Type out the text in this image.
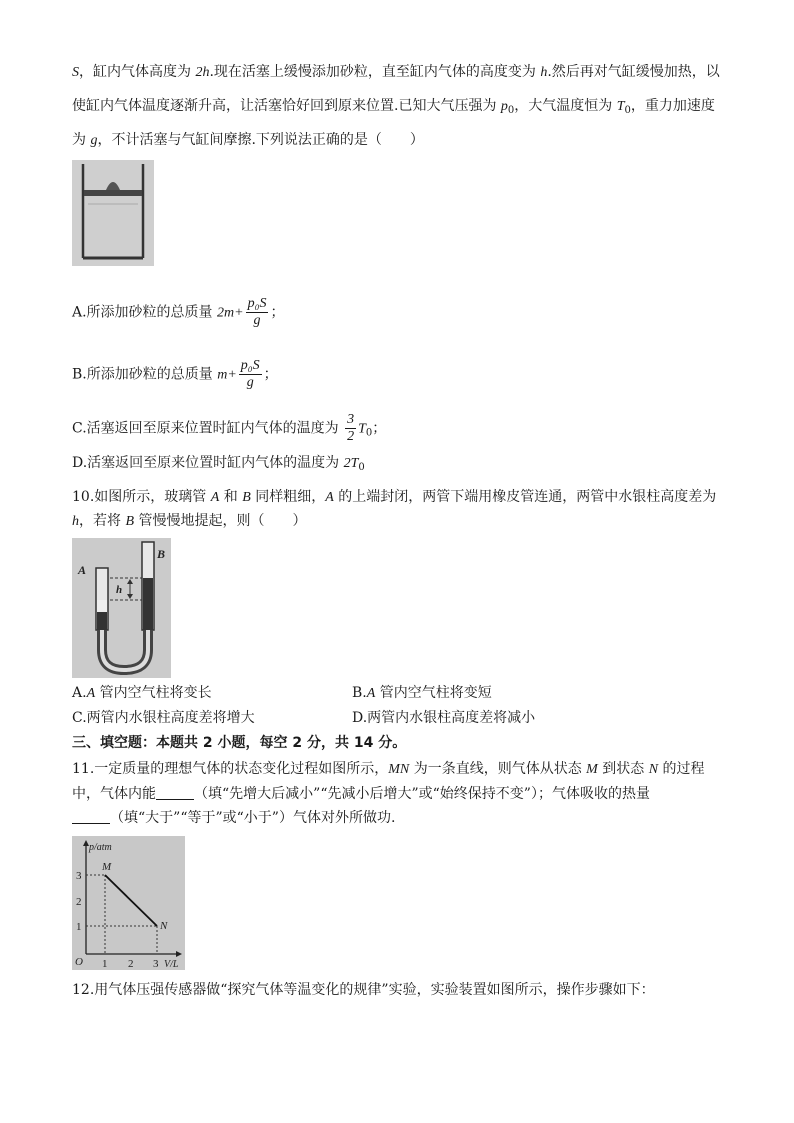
S，缸内气体高度为 2h.现在活塞上缓慢添加砂粒，直至缸内气体的高度变为 h.然后再对气缸缓慢加热，以
使缸内气体温度逐渐升高，让活塞恰好回到原来位置.已知大气压强为 $p_0$，大气温度恒为 $T_0$，重力加速度
为 g，不计活塞与气缸间摩擦.下列说法正确的是（　　）
A.所添加砂粒的总质量 $2m+ \frac{\text{p₀S}}{g}$ ；
B.所添加砂粒的总质量 $m+ \frac{\text{p₀S}}{g}$ ；
C.活塞返回至原来位置时缸内气体的温度为 $\frac{3}{2} T_0$；
D.活塞返回至原来位置时缸内气体的温度为 $2T_0$
10.如图所示，玻璃管 A 和 B 同样粗细，A 的上端封闭，两管下端用橡皮管连通，两管中水银柱高度差为
h，若将 B 管慢慢地提起，则（　　）
A
B
h
A.A 管内空气柱将变长	B.A 管内空气柱将变短
C.两管内水银柱高度差将增大	D.两管内水银柱高度差将减小
三、填空题：本题共 2 小题，每空 2 分，共 14 分。
11.一定质量的理想气体的状态变化过程如图所示，MN 为一条直线，则气体从状态 M 到状态 N 的过程
中，气体内能	（填“先增大后减小”“先减小后增大”或“始终保持不变”）；气体吸收的热量
（填“大于”“等于”或“小于”）气体对外所做功.
p/atm
V/L
O
3
2
1
1 2 3
M
N
12.用气体压强传感器做“探究气体等温变化的规律”实验，实验装置如图所示，操作步骤如下：
